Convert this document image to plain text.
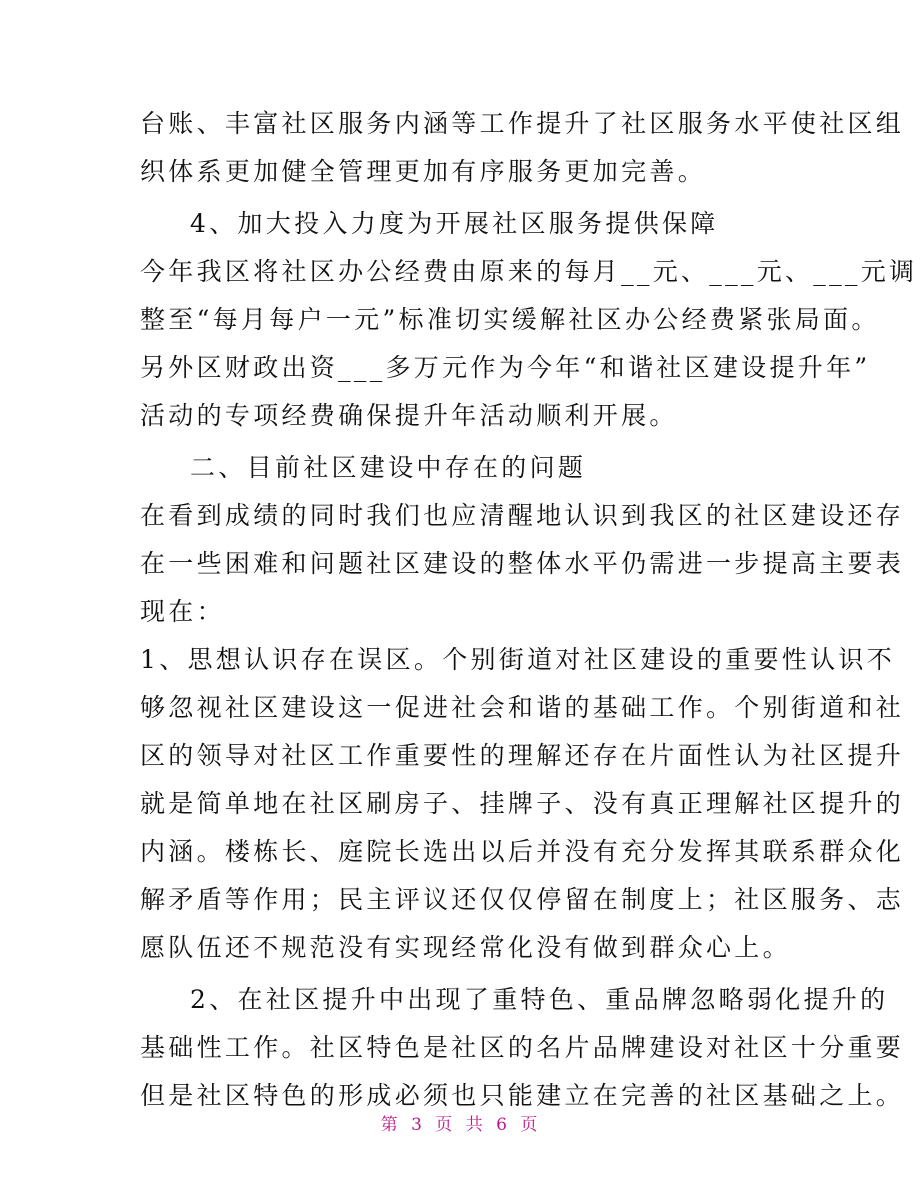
台账、丰富社区服务内涵等工作提升了社区服务水平使社区组
织体系更加健全管理更加有序服务更加完善。
4、加大投入力度为开展社区服务提供保障
今年我区将社区办公经费由原来的每月__元、___元、___元调
整至“每月每户一元”标准切实缓解社区办公经费紧张局面。
另外区财政出资___多万元作为今年“和谐社区建设提升年”
活动的专项经费确保提升年活动顺利开展。
二、目前社区建设中存在的问题
在看到成绩的同时我们也应清醒地认识到我区的社区建设还存
在一些困难和问题社区建设的整体水平仍需进一步提高主要表
现在：
1、思想认识存在误区。个别街道对社区建设的重要性认识不
够忽视社区建设这一促进社会和谐的基础工作。个别街道和社
区的领导对社区工作重要性的理解还存在片面性认为社区提升
就是简单地在社区刷房子、挂牌子、没有真正理解社区提升的
内涵。楼栋长、庭院长选出以后并没有充分发挥其联系群众化
解矛盾等作用；民主评议还仅仅停留在制度上；社区服务、志
愿队伍还不规范没有实现经常化没有做到群众心上。
2、在社区提升中出现了重特色、重品牌忽略弱化提升的
基础性工作。社区特色是社区的名片品牌建设对社区十分重要
但是社区特色的形成必须也只能建立在完善的社区基础之上。
第 3 页 共 6 页
